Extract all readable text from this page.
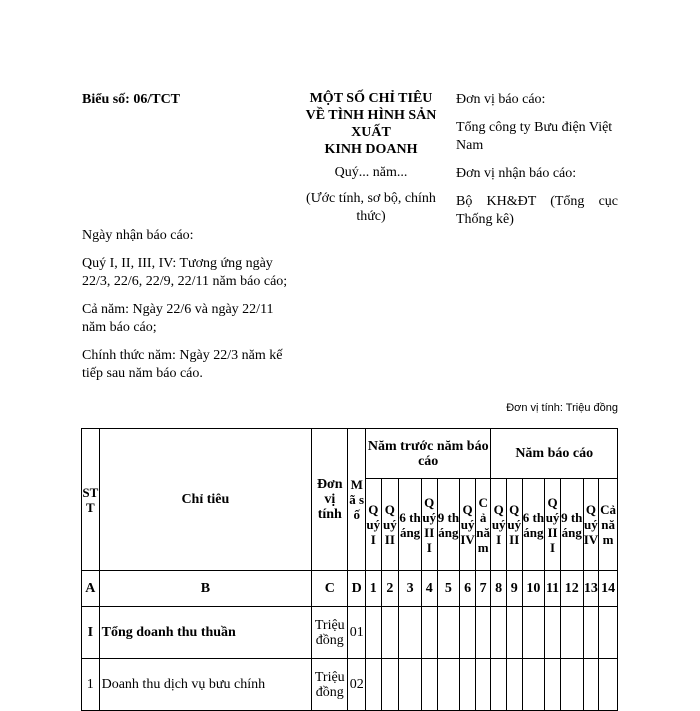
Biểu số: 06/TCT	MỘT SỐ CHỈ TIÊU
VỀ TÌNH HÌNH SẢN
XUẤT
KINH DOANH
Quý... năm...
(Ước tính, sơ bộ, chính thức)
Đơn vị báo cáo:
Tổng công ty Bưu điện Việt Nam
Đơn vị nhận báo cáo:
Bộ KH&ĐT (Tổng cục Thống kê)
Ngày nhận báo cáo:
Quý I, II, III, IV: Tương ứng ngày 22/3, 22/6, 22/9, 22/11 năm báo cáo;
Cả năm: Ngày 22/6 và ngày 22/11 năm báo cáo;
Chính thức năm: Ngày 22/3 năm kế tiếp sau năm báo cáo.
Đơn vị tính: Triệu đồng
STT	Chỉ tiêu	Đơn vị tính	Mã số	Năm trước năm báo cáo							Năm báo cáo						
				Quý I	Quý II	6 tháng	Quý III	9 tháng	Quý IV	Cả năm	Quý I	Quý II	6 tháng	Quý III	9 tháng	Quý IV	Cả năm
A	B	C	D	1	2	3	4	5	6	7	8	9	10	11	12	13	14
I	Tổng doanh thu thuần	Triệu đồng	01														
1	Doanh thu dịch vụ bưu chính	Triệu đồng	02														
